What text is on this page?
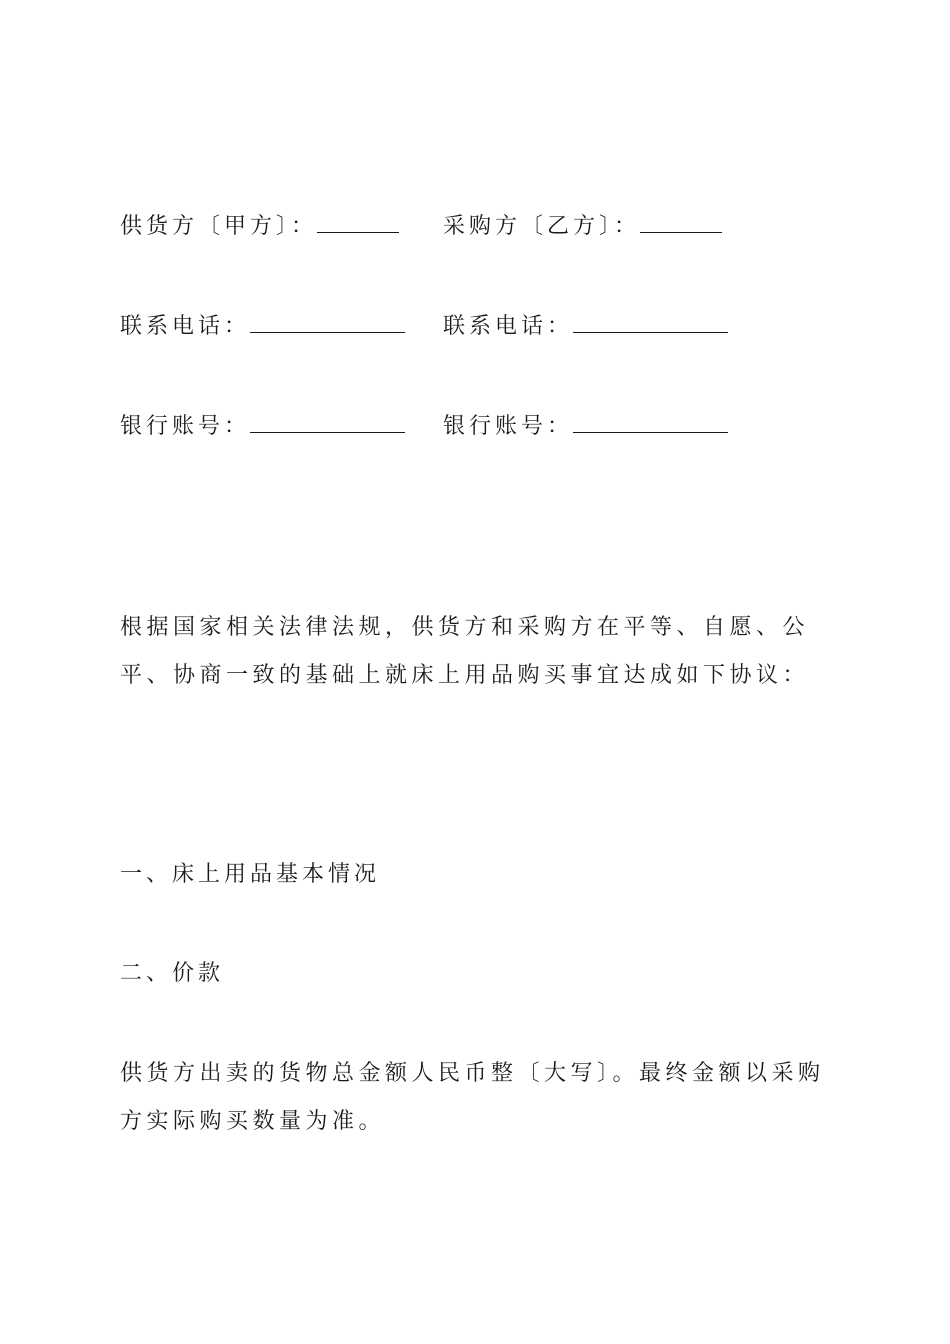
供货方〔甲方〕：	采购方〔乙方〕：
联系电话：	联系电话：
银行账号：	银行账号：
根据国家相关法律法规，供货方和采购方在平等、自愿、公平、协商一致的基础上就床上用品购买事宜达成如下协议：
一、床上用品基本情况
二、价款
供货方出卖的货物总金额人民币整〔大写〕。最终金额以采购方实际购买数量为准。
